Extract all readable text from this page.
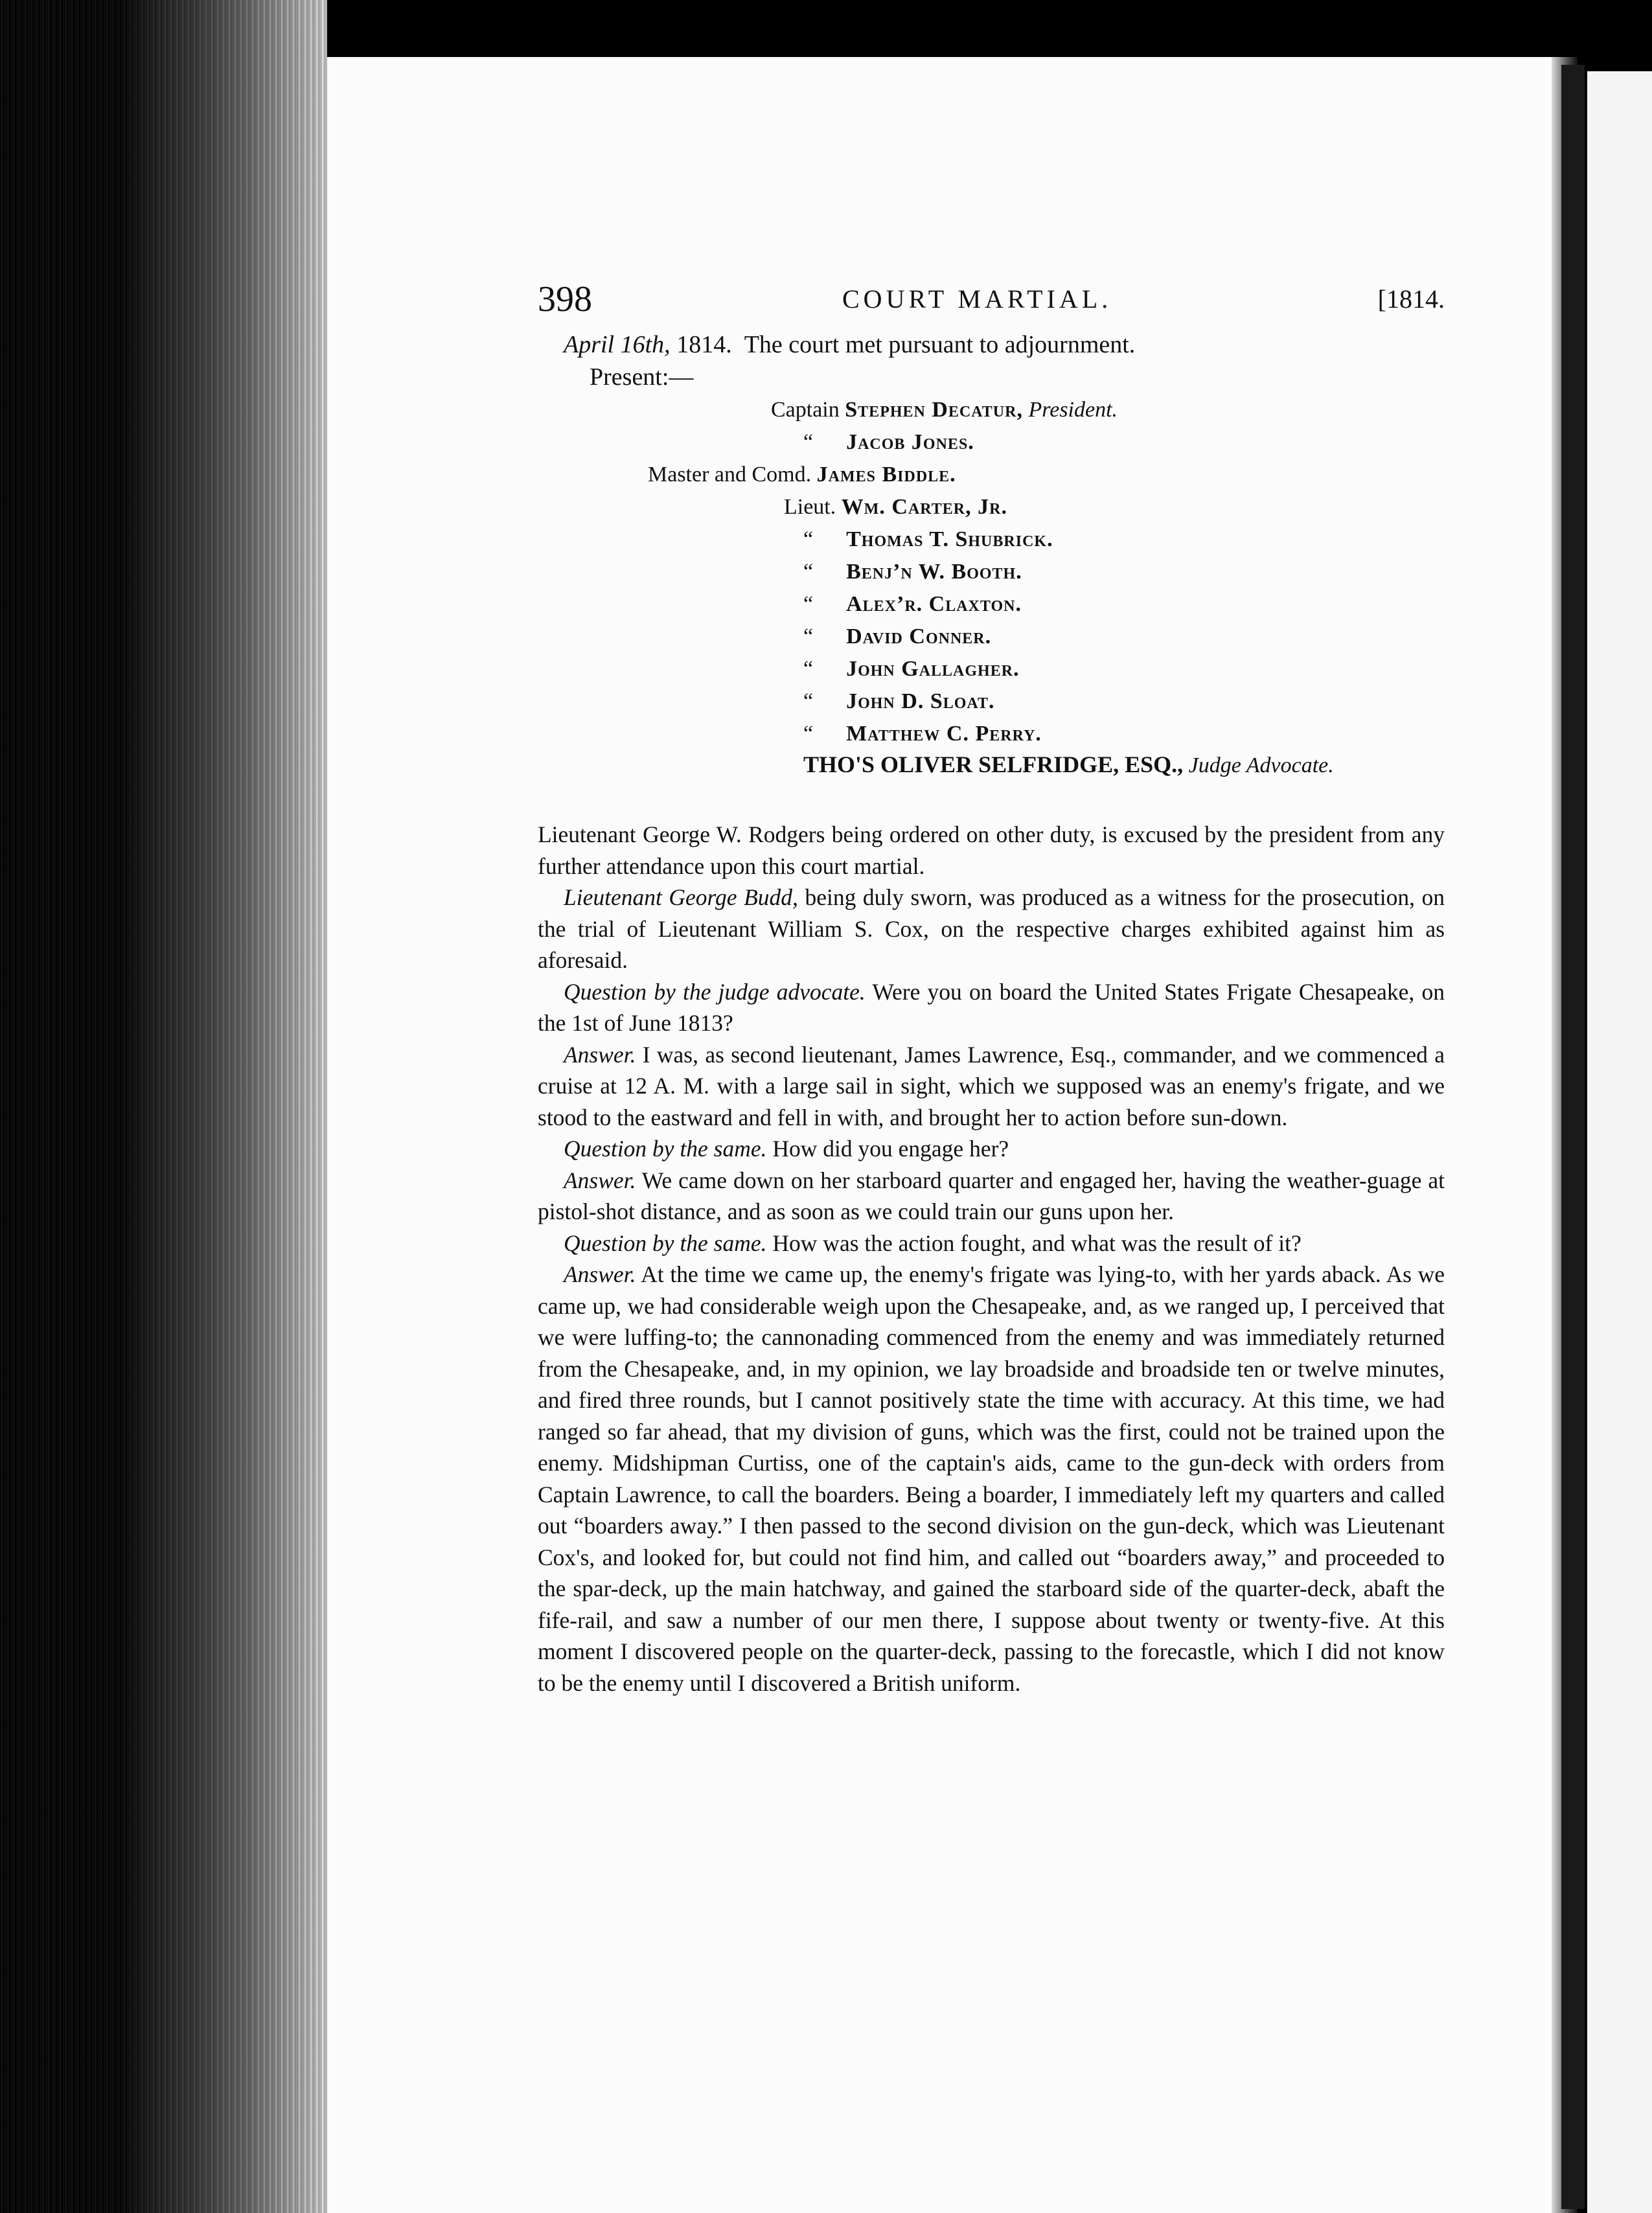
398	COURT MARTIAL.	[1814.
April 16th, 1814. The court met pursuant to adjournment.
Present:—
Captain Stephen Decatur, President.
“ Jacob Jones.
Master and Comd. James Biddle.
Lieut. Wm. Carter, Jr.
“ Thomas T. Shubrick.
“ Benj’n W. Booth.
“ Alex’r. Claxton.
“ David Conner.
“ John Gallagher.
“ John D. Sloat.
“ Matthew C. Perry.
THO'S OLIVER SELFRIDGE, ESQ., Judge Advocate.

Lieutenant George W. Rodgers being ordered on other duty, is excused by the president from any further attendance upon this court martial.

Lieutenant George Budd, being duly sworn, was produced as a witness for the prosecution, on the trial of Lieutenant William S. Cox, on the respective charges exhibited against him as aforesaid.

Question by the judge advocate. Were you on board the United States Frigate Chesapeake, on the 1st of June 1813?

Answer. I was, as second lieutenant, James Lawrence, Esq., commander, and we commenced a cruise at 12 A. M. with a large sail in sight, which we supposed was an enemy's frigate, and we stood to the eastward and fell in with, and brought her to action before sun-down.

Question by the same. How did you engage her?

Answer. We came down on her starboard quarter and engaged her, having the weather-guage at pistol-shot distance, and as soon as we could train our guns upon her.

Question by the same. How was the action fought, and what was the result of it?

Answer. At the time we came up, the enemy's frigate was lying-to, with her yards aback. As we came up, we had considerable weigh upon the Chesapeake, and, as we ranged up, I perceived that we were luffing-to; the cannonading commenced from the enemy and was immediately returned from the Chesapeake, and, in my opinion, we lay broadside and broadside ten or twelve minutes, and fired three rounds, but I cannot positively state the time with accuracy. At this time, we had ranged so far ahead, that my division of guns, which was the first, could not be trained upon the enemy. Midshipman Curtiss, one of the captain's aids, came to the gun-deck with orders from Captain Lawrence, to call the boarders. Being a boarder, I immediately left my quarters and called out “boarders away.” I then passed to the second division on the gun-deck, which was Lieutenant Cox's, and looked for, but could not find him, and called out “boarders away,” and proceeded to the spar-deck, up the main hatchway, and gained the starboard side of the quarter-deck, abaft the fife-rail, and saw a number of our men there, I suppose about twenty or twenty-five. At this moment I discovered people on the quarter-deck, passing to the forecastle, which I did not know to be the enemy until I discovered a British uniform.
